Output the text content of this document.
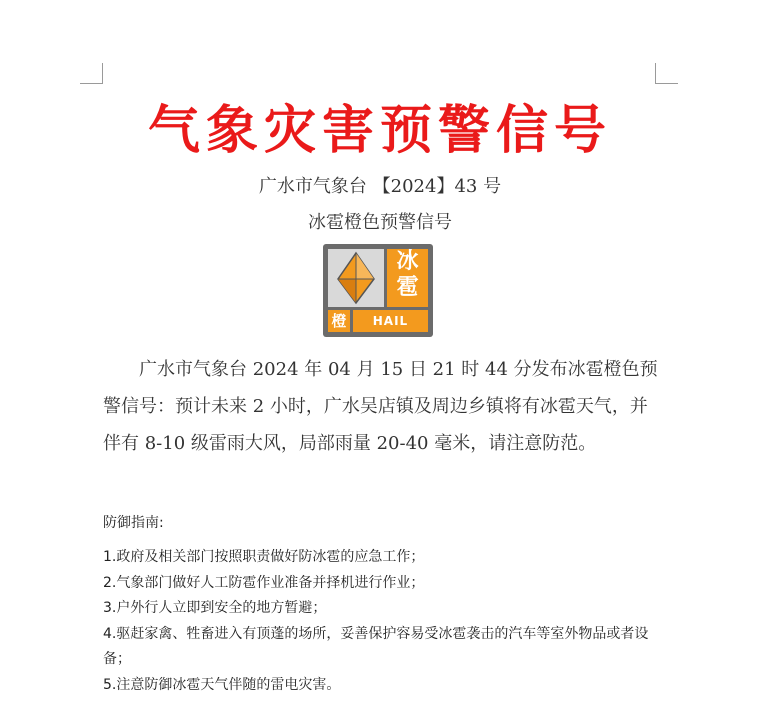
气象灾害预警信号
广水市气象台 【2024】43 号
冰雹橙色预警信号
冰
雹
橙	HAIL
广水市气象台 2024 年 04 月 15 日 21 时 44 分发布冰雹橙色预警信号：预计未来 2 小时，广水吴店镇及周边乡镇将有冰雹天气，并伴有 8-10 级雷雨大风，局部雨量 20-40 毫米，请注意防范。
防御指南:
1.政府及相关部门按照职责做好防冰雹的应急工作；
2.气象部门做好人工防雹作业准备并择机进行作业；
3.户外行人立即到安全的地方暂避；
4.驱赶家禽、牲畜进入有顶蓬的场所，妥善保护容易受冰雹袭击的汽车等室外物品或者设备；
5.注意防御冰雹天气伴随的雷电灾害。
